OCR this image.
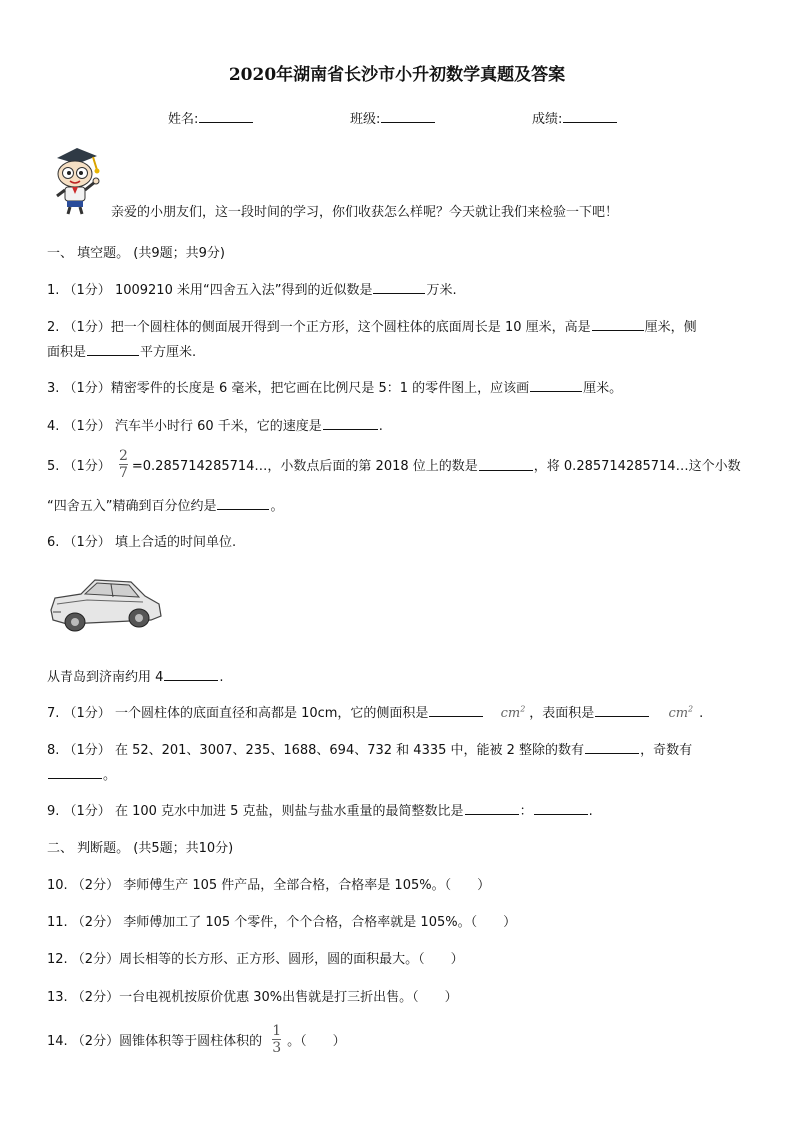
2020年湖南省长沙市小升初数学真题及答案
姓名:	班级:	成绩:
亲爱的小朋友们，这一段时间的学习，你们收获怎么样呢？今天就让我们来检验一下吧！
一、 填空题。 (共9题；共9分)
1. （1分） 1009210 米用“四舍五入法”得到的近似数是	万米.
2. （1分）把一个圆柱体的侧面展开得到一个正方形，这个圆柱体的底面周长是 10 厘米，高是	厘米，侧
面积是	平方厘米.
3. （1分）精密零件的长度是 6 毫米，把它画在比例尺是 5：1 的零件图上，应该画	厘米。
4. （1分） 汽车半小时行 60 千米，它的速度是	.
5. （1分） $\frac{2}{7}$ =0.285714285714…，小数点后面的第 2018 位上的数是	，将 0.285714285714…这个小数
“四舍五入”精确到百分位约是	。
6. （1分） 填上合适的时间单位.
从青岛到济南约用 4	.
7. （1分） 一个圆柱体的底面直径和高都是 10cm，它的侧面积是	$cm^2$ ，表面积是	$cm^2$ .
8. （1分） 在 52、201、3007、235、1688、694、732 和 4335 中，能被 2 整除的数有	，奇数有
。
9. （1分） 在 100 克水中加进 5 克盐，则盐与盐水重量的最简整数比是	：	.
二、 判断题。 (共5题；共10分)
10. （2分） 李师傅生产 105 件产品，全部合格，合格率是 105%。（　　）
11. （2分） 李师傅加工了 105 个零件，个个合格，合格率就是 105%。（　　）
12. （2分）周长相等的长方形、正方形、圆形，圆的面积最大。（　　）
13. （2分）一台电视机按原价优惠 30%出售就是打三折出售。（　　）
14. （2分）圆锥体积等于圆柱体积的 $\frac{1}{3}$ 。（　　）
